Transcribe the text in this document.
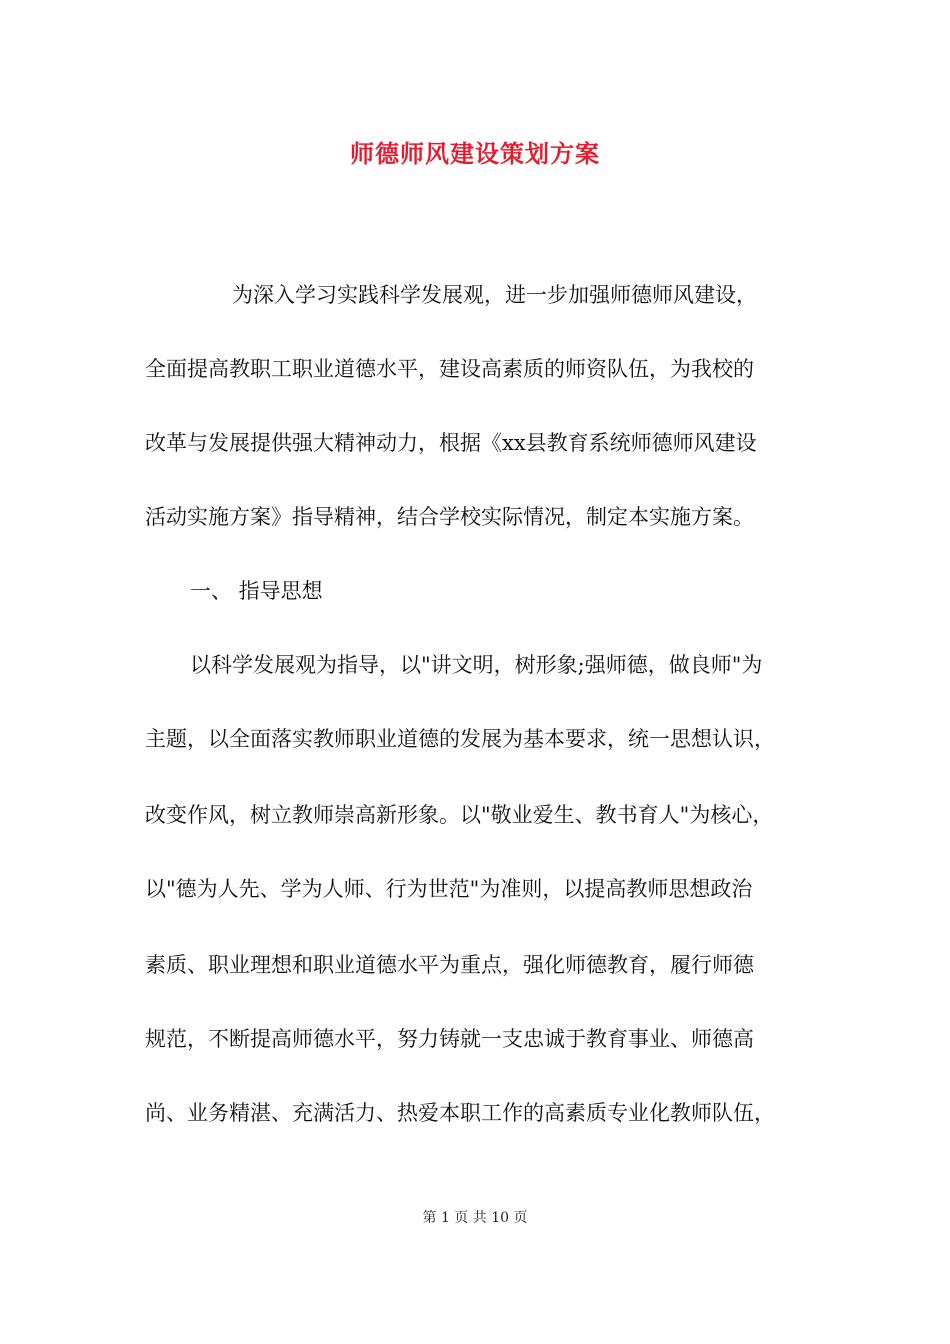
师德师风建设策划方案
为深入学习实践科学发展观，进一步加强师德师风建设，
全面提高教职工职业道德水平，建设高素质的师资队伍，为我校的
改革与发展提供强大精神动力，根据《xx县教育系统师德师风建设
活动实施方案》指导精神，结合学校实际情况，制定本实施方案。
一、 指导思想
以科学发展观为指导，以"讲文明，树形象;强师德，做良师"为
主题，以全面落实教师职业道德的发展为基本要求，统一思想认识，
改变作风，树立教师崇高新形象。以"敬业爱生、教书育人"为核心，
以"德为人先、学为人师、行为世范"为准则，以提高教师思想政治
素质、职业理想和职业道德水平为重点，强化师德教育，履行师德
规范，不断提高师德水平，努力铸就一支忠诚于教育事业、师德高
尚、业务精湛、充满活力、热爱本职工作的高素质专业化教师队伍，
第 1 页 共 10 页
